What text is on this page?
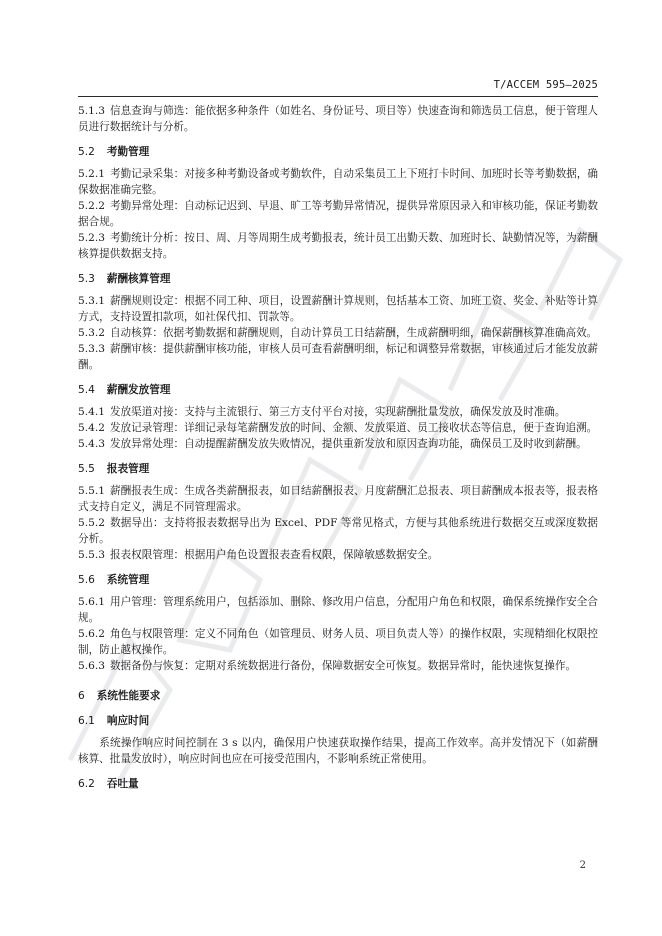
T/ACCEM 595—2025

5.1.3 信息查询与筛选：能依据多种条件（如姓名、身份证号、项目等）快速查询和筛选员工信息，便于管理人员进行数据统计与分析。

5.2 考勤管理

5.2.1 考勤记录采集：对接多种考勤设备或考勤软件，自动采集员工上下班打卡时间、加班时长等考勤数据，确保数据准确完整。

5.2.2 考勤异常处理：自动标记迟到、早退、旷工等考勤异常情况，提供异常原因录入和审核功能，保证考勤数据合规。

5.2.3 考勤统计分析：按日、周、月等周期生成考勤报表，统计员工出勤天数、加班时长、缺勤情况等，为薪酬核算提供数据支持。

5.3 薪酬核算管理

5.3.1 薪酬规则设定：根据不同工种、项目，设置薪酬计算规则，包括基本工资、加班工资、奖金、补贴等计算方式，支持设置扣款项，如社保代扣、罚款等。

5.3.2 自动核算：依据考勤数据和薪酬规则，自动计算员工日结薪酬，生成薪酬明细，确保薪酬核算准确高效。

5.3.3 薪酬审核：提供薪酬审核功能，审核人员可查看薪酬明细，标记和调整异常数据，审核通过后才能发放薪酬。

5.4 薪酬发放管理

5.4.1 发放渠道对接：支持与主流银行、第三方支付平台对接，实现薪酬批量发放，确保发放及时准确。

5.4.2 发放记录管理：详细记录每笔薪酬发放的时间、金额、发放渠道、员工接收状态等信息，便于查询追溯。

5.4.3 发放异常处理：自动提醒薪酬发放失败情况，提供重新发放和原因查询功能，确保员工及时收到薪酬。

5.5 报表管理

5.5.1 薪酬报表生成：生成各类薪酬报表，如日结薪酬报表、月度薪酬汇总报表、项目薪酬成本报表等，报表格式支持自定义，满足不同管理需求。

5.5.2 数据导出：支持将报表数据导出为 Excel、PDF 等常见格式，方便与其他系统进行数据交互或深度数据分析。

5.5.3 报表权限管理：根据用户角色设置报表查看权限，保障敏感数据安全。

5.6 系统管理

5.6.1 用户管理：管理系统用户，包括添加、删除、修改用户信息，分配用户角色和权限，确保系统操作安全合规。

5.6.2 角色与权限管理：定义不同角色（如管理员、财务人员、项目负责人等）的操作权限，实现精细化权限控制，防止越权操作。

5.6.3 数据备份与恢复：定期对系统数据进行备份，保障数据安全可恢复。数据异常时，能快速恢复操作。

6 系统性能要求
6.1 响应时间

系统操作响应时间控制在 3 s 以内，确保用户快速获取操作结果，提高工作效率。高并发情况下（如薪酬核算、批量发放时），响应时间也应在可接受范围内，不影响系统正常使用。

6.2 吞吐量
2
